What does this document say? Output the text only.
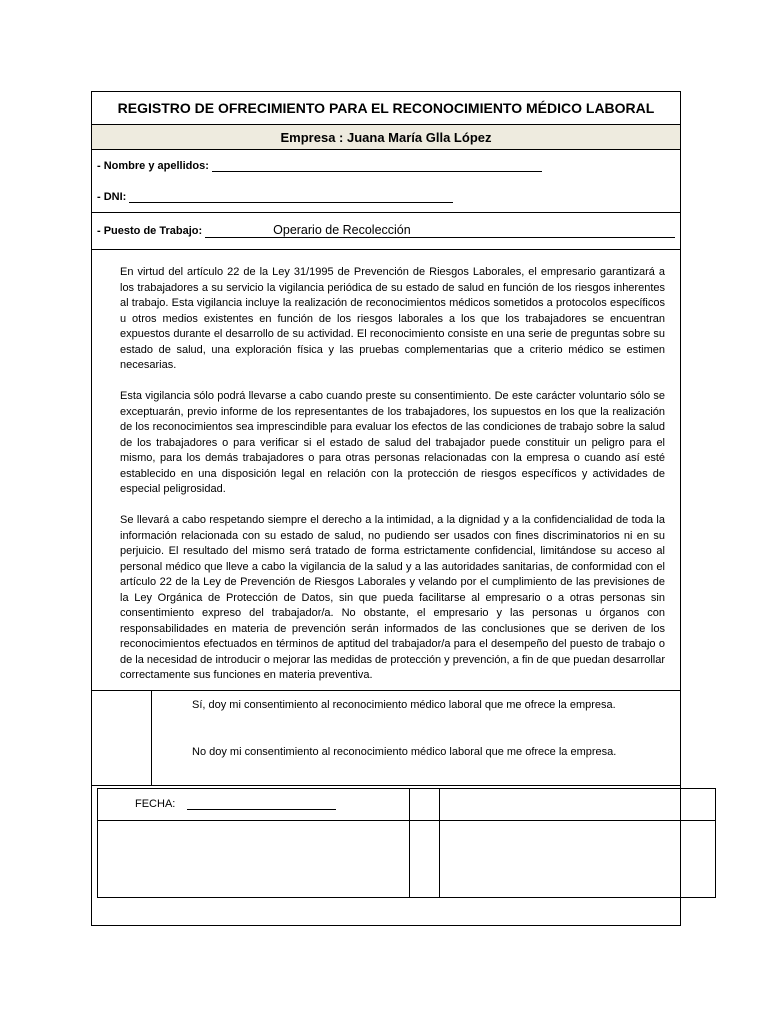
REGISTRO DE OFRECIMIENTO PARA EL RECONOCIMIENTO MÉDICO LABORAL
Empresa : Juana María Glla López
- Nombre y apellidos:
- DNI:
- Puesto de Trabajo:	Operario de Recolección

En virtud del artículo 22 de la Ley 31/1995 de Prevención de Riesgos Laborales, el empresario garantizará a los trabajadores a su servicio la vigilancia periódica de su estado de salud en función de los riesgos inherentes al trabajo. Esta vigilancia incluye la realización de reconocimientos médicos sometidos a protocolos específicos u otros medios existentes en función de los riesgos laborales a los que los trabajadores se encuentran expuestos durante el desarrollo de su actividad. El reconocimiento consiste en una serie de preguntas sobre su estado de salud, una exploración física y las pruebas complementarias que a criterio médico se estimen necesarias.

Esta vigilancia sólo podrá llevarse a cabo cuando preste su consentimiento. De este carácter voluntario sólo se exceptuarán, previo informe de los representantes de los trabajadores, los supuestos en los que la realización de los reconocimientos sea imprescindible para evaluar los efectos de las condiciones de trabajo sobre la salud de los trabajadores o para verificar si el estado de salud del trabajador puede constituir un peligro para el mismo, para los demás trabajadores o para otras personas relacionadas con la empresa o cuando así esté establecido en una disposición legal en relación con la protección de riesgos específicos y actividades de especial peligrosidad.

Se llevará a cabo respetando siempre el derecho a la intimidad, a la dignidad y a la confidencialidad de toda la información relacionada con su estado de salud, no pudiendo ser usados con fines discriminatorios ni en su perjuicio. El resultado del mismo será tratado de forma estrictamente confidencial, limitándose su acceso al personal médico que lleve a cabo la vigilancia de la salud y a las autoridades sanitarias, de conformidad con el artículo 22 de la Ley de Prevención de Riesgos Laborales y velando por el cumplimiento de las previsiones de la Ley Orgánica de Protección de Datos, sin que pueda facilitarse al empresario o a otras personas sin consentimiento expreso del trabajador/a. No obstante, el empresario y las personas u órganos con responsabilidades en materia de prevención serán informados de las conclusiones que se deriven de los reconocimientos efectuados en términos de aptitud del trabajador/a para el desempeño del puesto de trabajo o de la necesidad de introducir o mejorar las medidas de protección y prevención, a fin de que puedan desarrollar correctamente sus funciones en materia preventiva.

Sí, doy mi consentimiento al reconocimiento médico laboral que me ofrece la empresa.

No doy mi consentimiento al reconocimiento médico laboral que me ofrece la empresa.

FECHA:		
